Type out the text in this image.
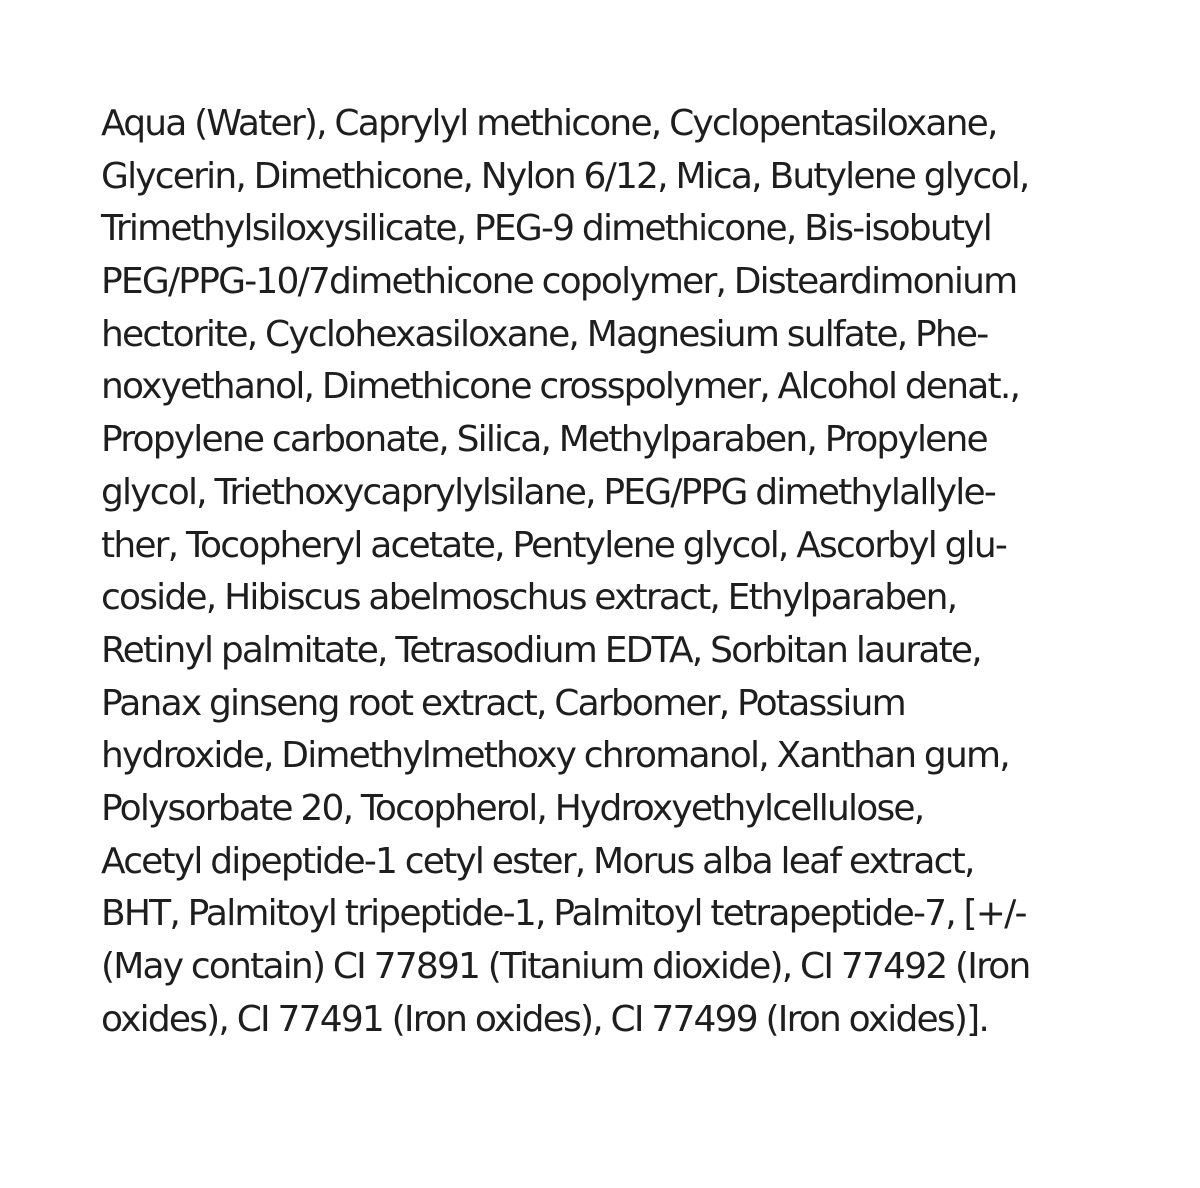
Aqua (Water), Caprylyl methicone, Cyclopentasiloxane,
Glycerin, Dimethicone, Nylon 6/12, Mica, Butylene glycol,
Trimethylsiloxysilicate, PEG-9 dimethicone, Bis-isobutyl
PEG/PPG-10/7dimethicone copolymer, Disteardimonium
hectorite, Cyclohexasiloxane, Magnesium sulfate, Phe-
noxyethanol, Dimethicone crosspolymer, Alcohol denat.,
Propylene carbonate, Silica, Methylparaben, Propylene
glycol, Triethoxycaprylylsilane, PEG/PPG dimethylallyle-
ther, Tocopheryl acetate, Pentylene glycol, Ascorbyl glu-
coside, Hibiscus abelmoschus extract, Ethylparaben,
Retinyl palmitate, Tetrasodium EDTA, Sorbitan laurate,
Panax ginseng root extract, Carbomer, Potassium
hydroxide, Dimethylmethoxy chromanol, Xanthan gum,
Polysorbate 20, Tocopherol, Hydroxyethylcellulose,
Acetyl dipeptide-1 cetyl ester, Morus alba leaf extract,
BHT, Palmitoyl tripeptide-1, Palmitoyl tetrapeptide-7, [+/-
(May contain) CI 77891 (Titanium dioxide), CI 77492 (Iron
oxides), CI 77491 (Iron oxides), CI 77499 (Iron oxides)].
